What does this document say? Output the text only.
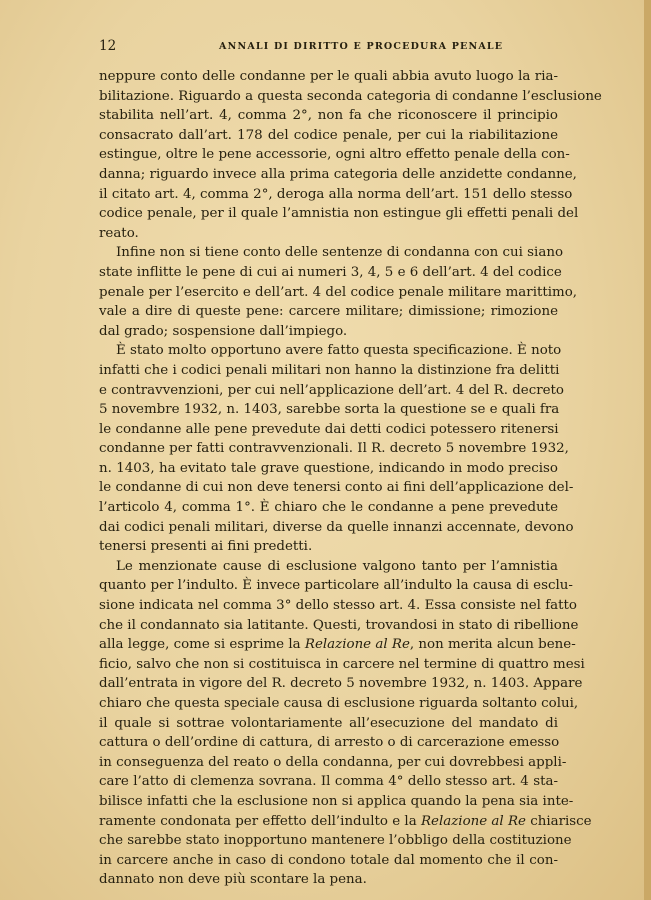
12	ANNALI DI DIRITTO E PROCEDURA PENALE
neppure conto delle condanne per le quali abbia avuto luogo la ria-
bilitazione. Riguardo a questa seconda categoria di condanne l’esclusione
stabilita nell’art. 4, comma 2°, non fa che riconoscere il principio
consacrato dall’art. 178 del codice penale, per cui la riabilitazione
estingue, oltre le pene accessorie, ogni altro effetto penale della con-
danna; riguardo invece alla prima categoria delle anzidette condanne,
il citato art. 4, comma 2°, deroga alla norma dell’art. 151 dello stesso
codice penale, per il quale l’amnistia non estingue gli effetti penali del
reato.
Infine non si tiene conto delle sentenze di condanna con cui siano
state inflitte le pene di cui ai numeri 3, 4, 5 e 6 dell’art. 4 del codice
penale per l’esercito e dell’art. 4 del codice penale militare marittimo,
vale a dire di queste pene: carcere militare; dimissione; rimozione
dal grado; sospensione dall’impiego.
È stato molto opportuno avere fatto questa specificazione. È noto
infatti che i codici penali militari non hanno la distinzione fra delitti
e contravvenzioni, per cui nell’applicazione dell’art. 4 del R. decreto
5 novembre 1932, n. 1403, sarebbe sorta la questione se e quali fra
le condanne alle pene prevedute dai detti codici potessero ritenersi
condanne per fatti contravvenzionali. Il R. decreto 5 novembre 1932,
n. 1403, ha evitato tale grave questione, indicando in modo preciso
le condanne di cui non deve tenersi conto ai fini dell’applicazione del-
l’articolo 4, comma 1°. È chiaro che le condanne a pene prevedute
dai codici penali militari, diverse da quelle innanzi accennate, devono
tenersi presenti ai fini predetti.
Le menzionate cause di esclusione valgono tanto per l’amnistia
quanto per l’indulto. È invece particolare all’indulto la causa di esclu-
sione indicata nel comma 3° dello stesso art. 4. Essa consiste nel fatto
che il condannato sia latitante. Questi, trovandosi in stato di ribellione
alla legge, come si esprime la Relazione al Re, non merita alcun bene-
ficio, salvo che non si costituisca in carcere nel termine di quattro mesi
dall’entrata in vigore del R. decreto 5 novembre 1932, n. 1403. Appare
chiaro che questa speciale causa di esclusione riguarda soltanto colui,
il quale si sottrae volontariamente all’esecuzione del mandato di
cattura o dell’ordine di cattura, di arresto o di carcerazione emesso
in conseguenza del reato o della condanna, per cui dovrebbesi appli-
care l’atto di clemenza sovrana. Il comma 4° dello stesso art. 4 sta-
bilisce infatti che la esclusione non si applica quando la pena sia inte-
ramente condonata per effetto dell’indulto e la Relazione al Re chiarisce
che sarebbe stato inopportuno mantenere l’obbligo della costituzione
in carcere anche in caso di condono totale dal momento che il con-
dannato non deve più scontare la pena.
